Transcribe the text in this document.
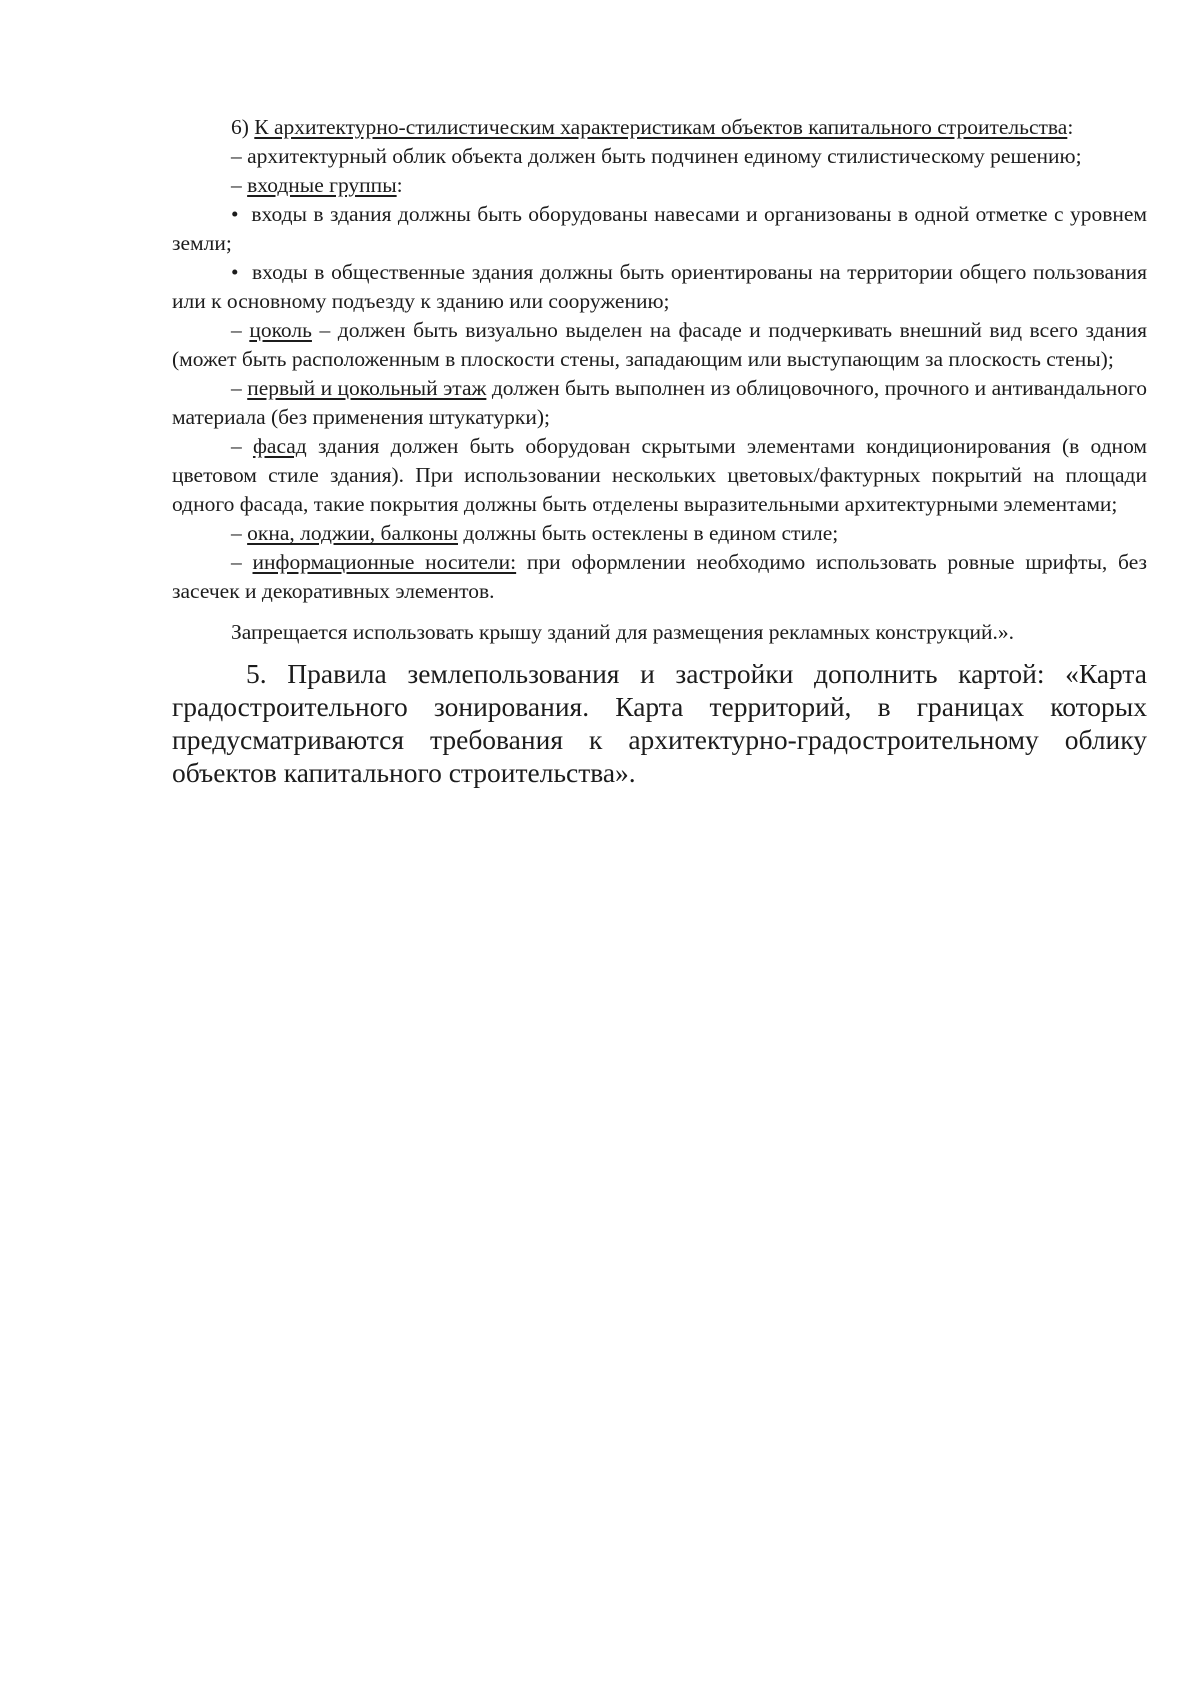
6) К архитектурно-стилистическим характеристикам объектов капитального строительства:

– архитектурный облик объекта должен быть подчинен единому стилистическому решению;

– входные группы:

•  входы в здания должны быть оборудованы навесами и организованы в одной отметке с уровнем земли;

•  входы в общественные здания должны быть ориентированы на территории общего пользования или к основному подъезду к зданию или сооружению;

– цоколь – должен быть визуально выделен на фасаде и подчеркивать внешний вид всего здания (может быть расположенным в плоскости стены, западающим или выступающим за плоскость стены);

– первый и цокольный этаж должен быть выполнен из облицовочного, прочного и антивандального материала (без применения штукатурки);

– фасад здания должен быть оборудован скрытыми элементами кондиционирования (в одном цветовом стиле здания). При использовании нескольких цветовых/фактурных покрытий на площади одного фасада, такие покрытия должны быть отделены выразительными архитектурными элементами;

– окна, лоджии, балконы должны быть остеклены в едином стиле;

– информационные носители: при оформлении необходимо использовать ровные шрифты, без засечек и декоративных элементов.

Запрещается использовать крышу зданий для размещения рекламных конструкций.».

5. Правила землепользования и застройки дополнить картой: «Карта градостроительного зонирования. Карта территорий, в границах которых предусматриваются требования к архитектурно-градостроительному облику объектов капитального строительства».
